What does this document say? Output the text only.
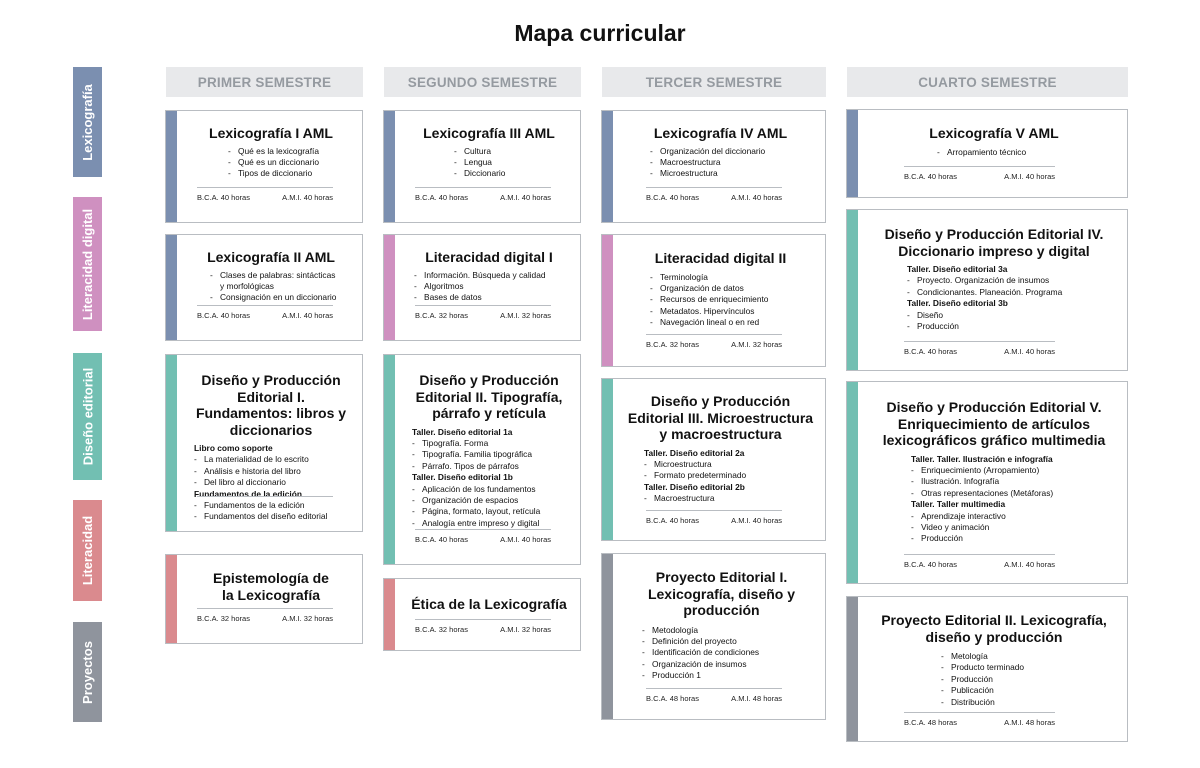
Mapa curricular
Lexicografía
Literacidad digital
Diseño editorial
Literacidad
Proyectos
PRIMER SEMESTRE	SEGUNDO SEMESTRE	TERCER SEMESTRE	CUARTO SEMESTRE
Lexicografía I AML
- Qué es la lexicografía
- Qué es un diccionario
- Tipos de diccionario
B.C.A. 40 horas	A.M.I. 40 horas
Lexicografía II AML
- Clases de palabras: sintácticas y morfológicas
- Consignación en un diccionario
B.C.A. 40 horas	A.M.I. 40 horas
Diseño y Producción Editorial I. Fundamentos: libros y diccionarios
Libro como soporte
- La materialidad de lo escrito
- Análisis e historia del libro
- Del libro al diccionario
Fundamentos de la edición
- Fundamentos de la edición
- Fundamentos del diseño editorial
Epistemología de la Lexicografía
B.C.A. 32 horas	A.M.I. 32 horas
Lexicografía III AML
- Cultura
- Lengua
- Diccionario
B.C.A. 40 horas	A.M.I. 40 horas
Literacidad digital I
- Información. Búsqueda y calidad
- Algoritmos
- Bases de datos
B.C.A. 32 horas	A.M.I. 32 horas
Diseño y Producción Editorial II. Tipografía, párrafo y retícula
Taller. Diseño editorial 1a
- Tipografía. Forma
- Tipografía. Familia tipográfica
- Párrafo. Tipos de párrafos
Taller. Diseño editorial 1b
- Aplicación de los fundamentos
- Organización de espacios
- Página, formato, layout, retícula
- Analogía entre impreso y digital
B.C.A. 40 horas	A.M.I. 40 horas
Ética de la Lexicografía
B.C.A. 32 horas	A.M.I. 32 horas
Lexicografía IV AML
- Organización del diccionario
- Macroestructura
- Microestructura
B.C.A. 40 horas	A.M.I. 40 horas
Literacidad digital II
- Terminología
- Organización de datos
- Recursos de enriquecimiento
- Metadatos. Hipervínculos
- Navegación lineal o en red
B.C.A. 32 horas	A.M.I. 32 horas
Diseño y Producción Editorial III. Microestructura y macroestructura
Taller. Diseño editorial 2a
- Microestructura
- Formato predeterminado
Taller. Diseño editorial 2b
- Macroestructura
B.C.A. 40 horas	A.M.I. 40 horas
Proyecto Editorial I. Lexicografía, diseño y producción
- Metodología
- Definición del proyecto
- Identificación de condiciones
- Organización de insumos
- Producción 1
B.C.A. 48 horas	A.M.I. 48 horas
Lexicografía V AML
- Arropamiento técnico
B.C.A. 40 horas	A.M.I. 40 horas
Diseño y Producción Editorial IV. Diccionario impreso y digital
Taller. Diseño editorial 3a
- Proyecto. Organización de insumos
- Condicionantes. Planeación. Programa
Taller. Diseño editorial 3b
- Diseño
- Producción
B.C.A. 40 horas	A.M.I. 40 horas
Diseño y Producción Editorial V. Enriquecimiento de artículos lexicográficos gráfico multimedia
Taller. Taller. Ilustración e infografía
- Enriquecimiento (Arropamiento)
- Ilustración. Infografía
- Otras representaciones (Metáforas)
Taller. Taller multimedia
- Aprendizaje interactivo
- Video y animación
- Producción
B.C.A. 40 horas	A.M.I. 40 horas
Proyecto Editorial II. Lexicografía, diseño y producción
- Metología
- Producto terminado
- Producción
- Publicación
- Distribución
B.C.A. 48 horas	A.M.I. 48 horas
